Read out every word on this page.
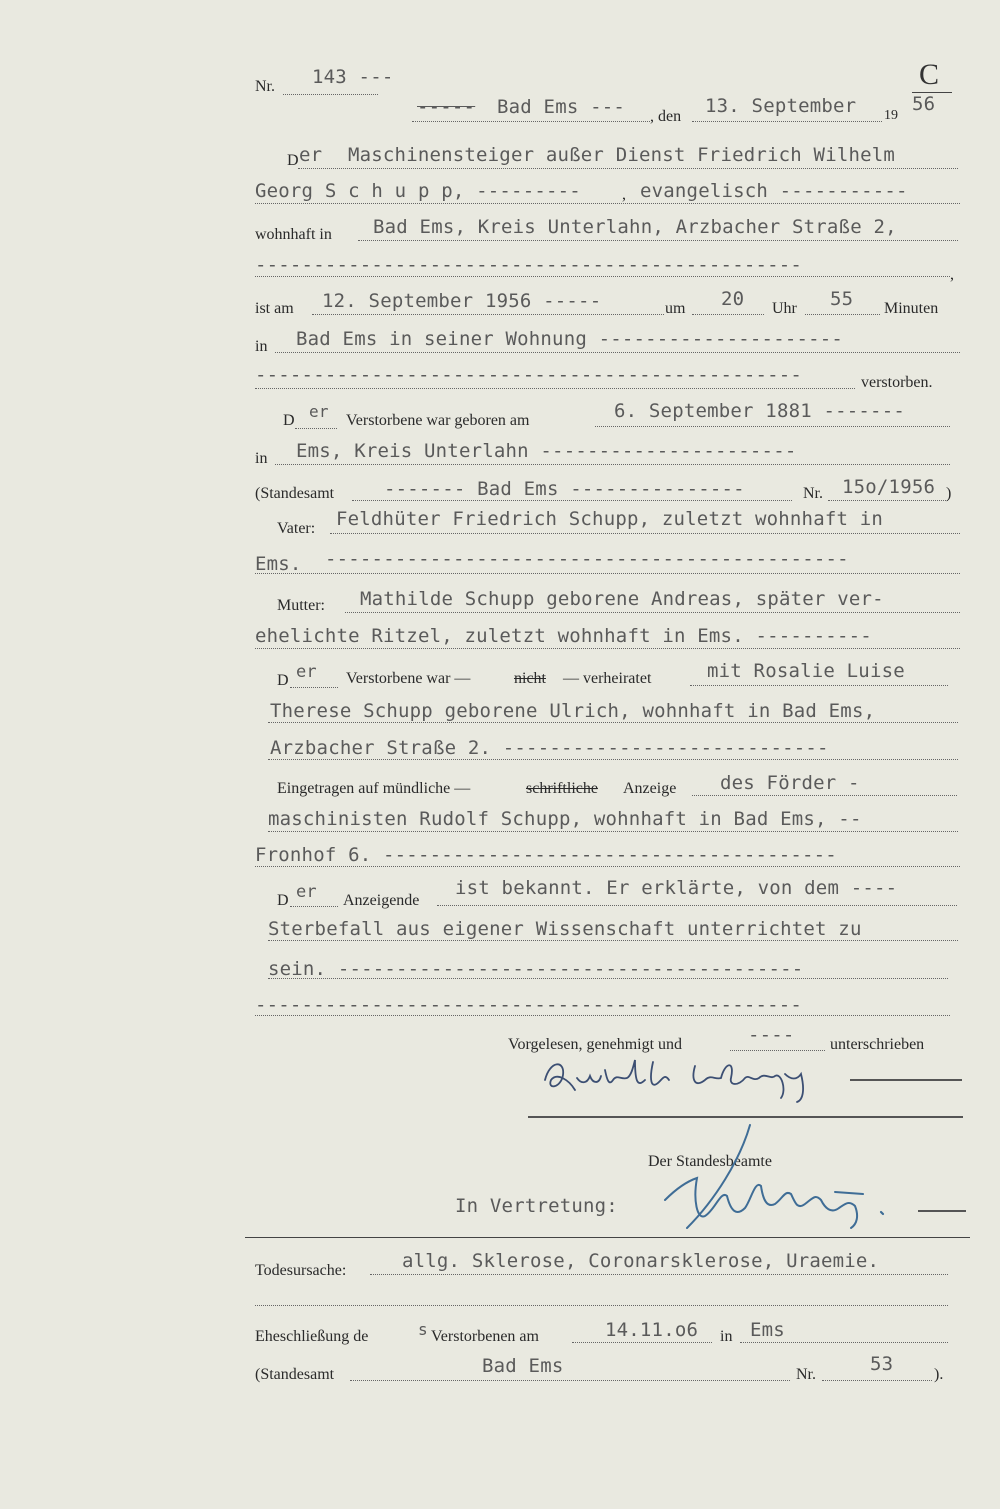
Nr. 143 ---	C
----- Bad Ems --- , den 13. September 19
56
D er Maschinensteiger außer Dienst Friedrich Wilhelm
Georg S c h u p p, ---------	, evangelisch -----------
wohnhaft in Bad Ems, Kreis Unterlahn, Arzbacher Straße 2,
-----------------------------------------------	,
ist am 12. September 1956 -----	um 20 Uhr 55 Minuten
in Bad Ems in seiner Wohnung ---------------------
-----------------------------------------------	verstorben.
D er Verstorbene war geboren am	6. September 1881 -------
in Ems, Kreis Unterlahn ----------------------
(Standesamt	------- Bad Ems ---------------	Nr. 15o/1956 )
Vater: Feldhüter Friedrich Schupp, zuletzt wohnhaft in
Ems. ---------------------------------------------
Mutter: Mathilde Schupp geborene Andreas, später ver-
ehelichte Ritzel, zuletzt wohnhaft in Ems. ----------
D er Verstorbene war —	nicht — verheiratet	mit Rosalie Luise
Therese Schupp geborene Ulrich, wohnhaft in Bad Ems,
Arzbacher Straße 2. ----------------------------
Eingetragen auf mündliche —	schriftliche Anzeige des Förder -
maschinisten Rudolf Schupp, wohnhaft in Bad Ems, --
Fronhof 6. ---------------------------------------
D er Anzeigende
ist bekannt. Er erklärte, von dem ----
Sterbefall aus eigener Wissenschaft unterrichtet zu
sein. ----------------------------------------
-----------------------------------------------
Vorgelesen, genehmigt und	---- unterschrieben
Der Standesbeamte
In Vertretung:
Todesursache:	allg. Sklerose, Coronarsklerose, Uraemie.
Eheschließung de	s Verstorbenen am	14.11.o6 in Ems
(Standesamt	Bad Ems	Nr.	53	).
